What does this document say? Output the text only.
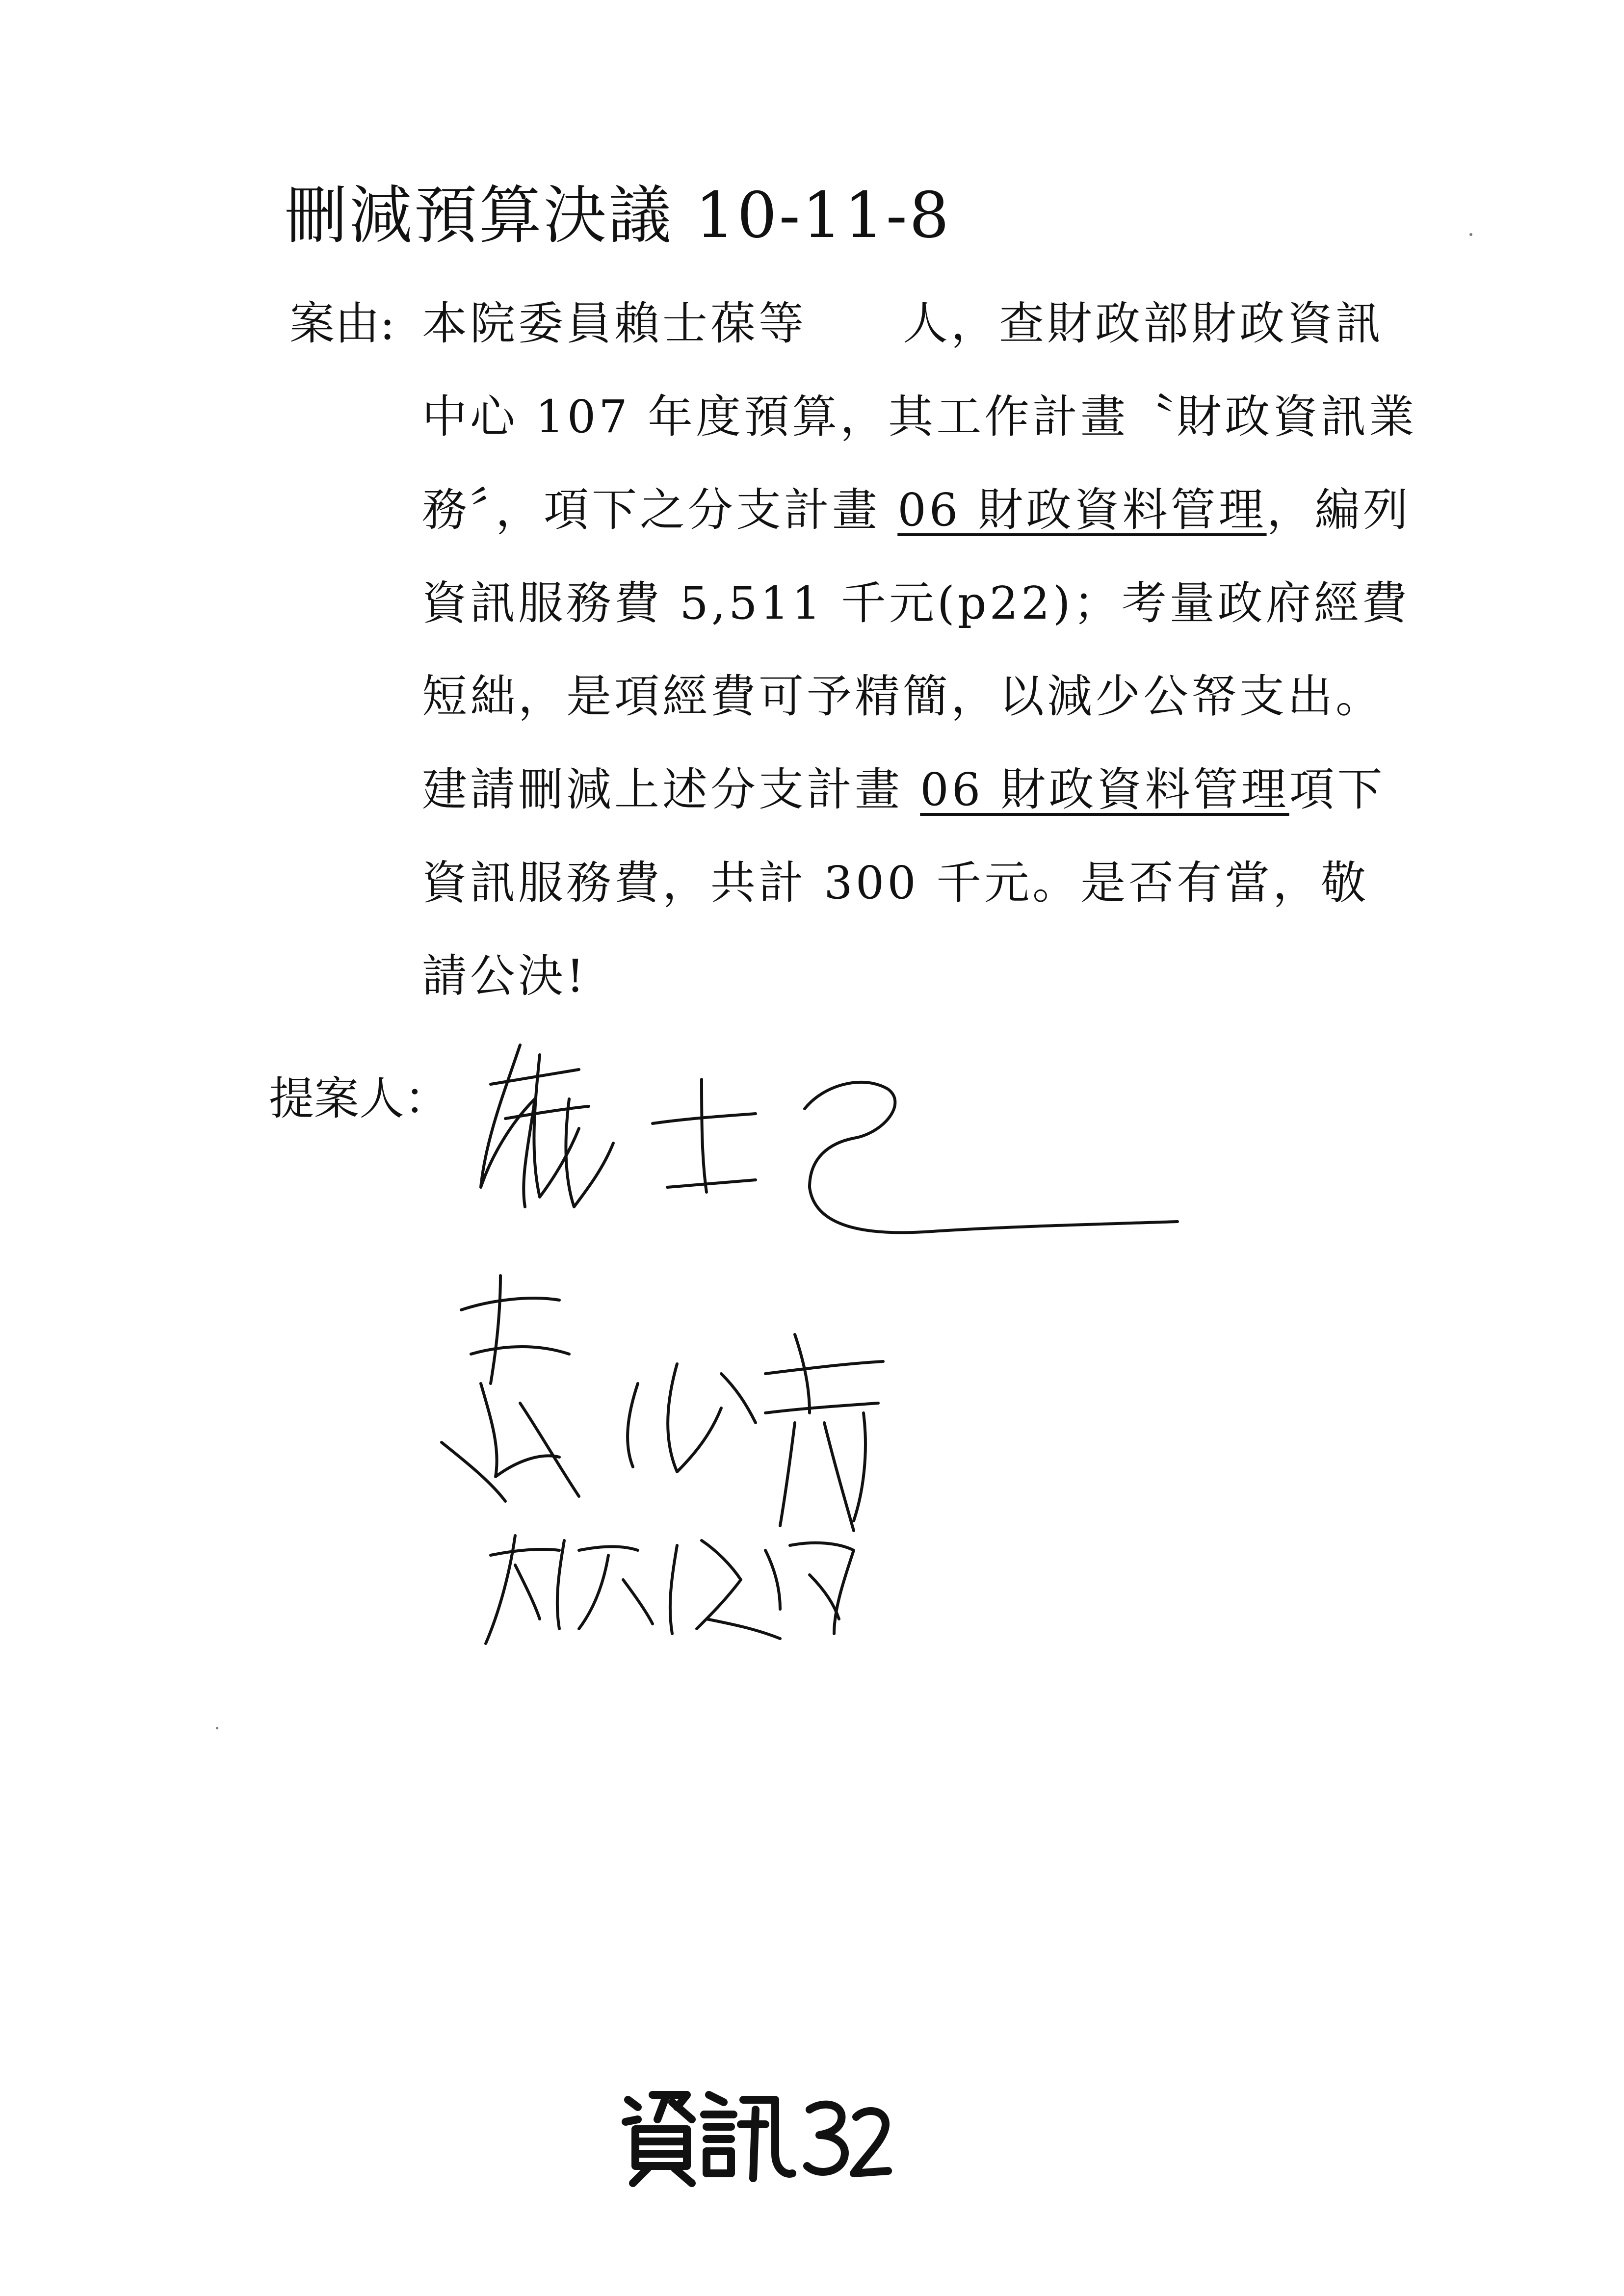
刪減預算決議 10-11-8
案由: 本院委員賴士葆等　　人，查財政部財政資訊
中心 107 年度預算，其工作計畫〝財政資訊業
務〞，項下之分支計畫 06 財政資料管理，編列
資訊服務費 5,511 千元(p22)；考量政府經費
短絀，是項經費可予精簡，以減少公帑支出。
建請刪減上述分支計畫 06 財政資料管理項下
資訊服務費，共計 300 千元。是否有當，敬
請公決!
提案人：
